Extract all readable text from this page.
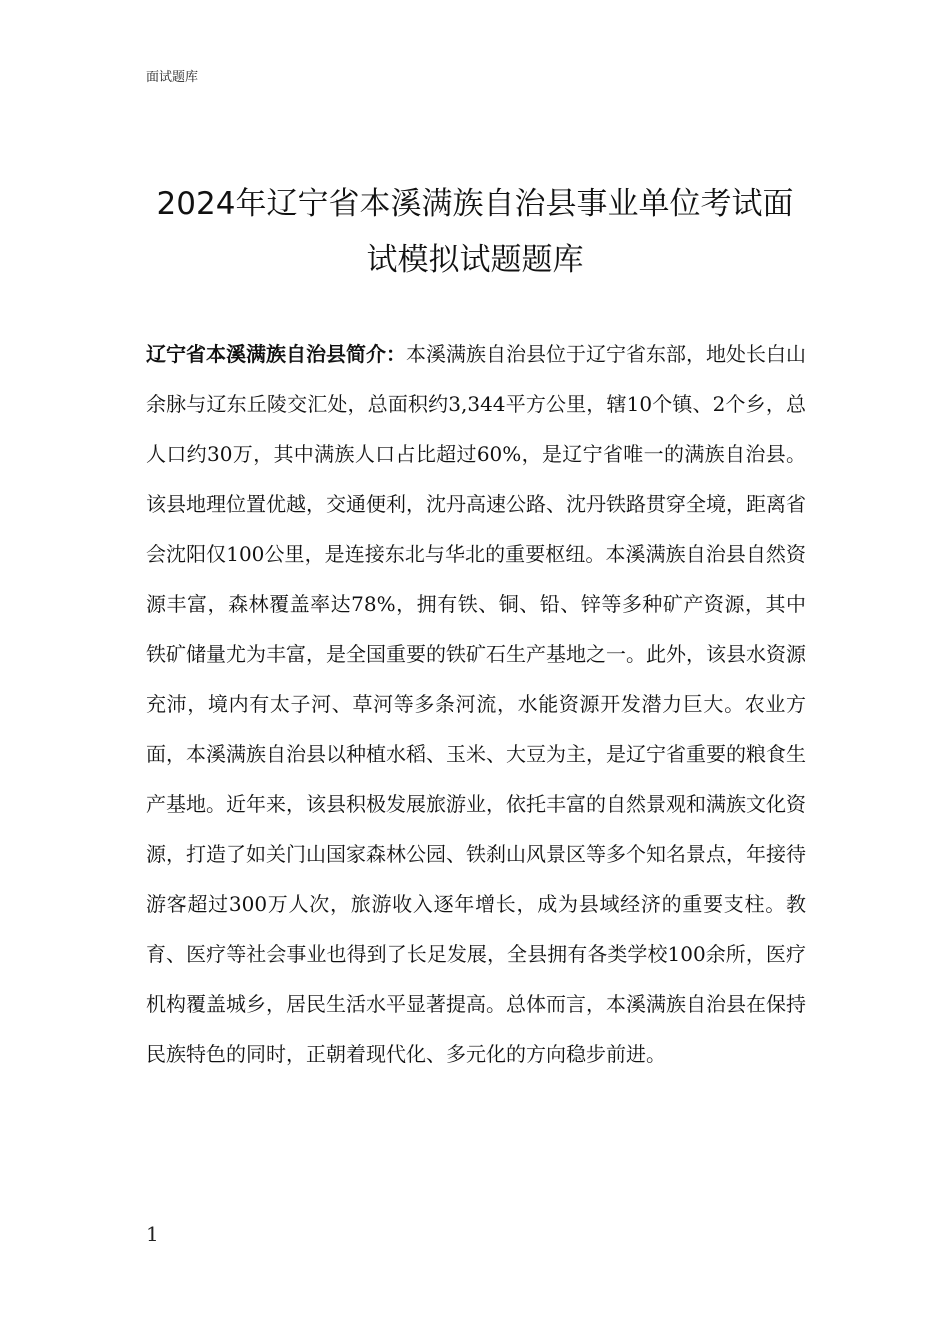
面试题库
2024年辽宁省本溪满族自治县事业单位考试面
试模拟试题题库

辽宁省本溪满族自治县简介：本溪满族自治县位于辽宁省东部，地处长白山余脉与辽东丘陵交汇处，总面积约3,344平方公里，辖10个镇、2个乡，总人口约30万，其中满族人口占比超过60%，是辽宁省唯一的满族自治县。该县地理位置优越，交通便利，沈丹高速公路、沈丹铁路贯穿全境，距离省会沈阳仅100公里，是连接东北与华北的重要枢纽。本溪满族自治县自然资源丰富，森林覆盖率达78%，拥有铁、铜、铅、锌等多种矿产资源，其中铁矿储量尤为丰富，是全国重要的铁矿石生产基地之一。此外，该县水资源充沛，境内有太子河、草河等多条河流，水能资源开发潜力巨大。农业方面，本溪满族自治县以种植水稻、玉米、大豆为主，是辽宁省重要的粮食生产基地。近年来，该县积极发展旅游业，依托丰富的自然景观和满族文化资源，打造了如关门山国家森林公园、铁刹山风景区等多个知名景点，年接待游客超过300万人次，旅游收入逐年增长，成为县域经济的重要支柱。教育、医疗等社会事业也得到了长足发展，全县拥有各类学校100余所，医疗机构覆盖城乡，居民生活水平显著提高。总体而言，本溪满族自治县在保持民族特色的同时，正朝着现代化、多元化的方向稳步前进。

1
